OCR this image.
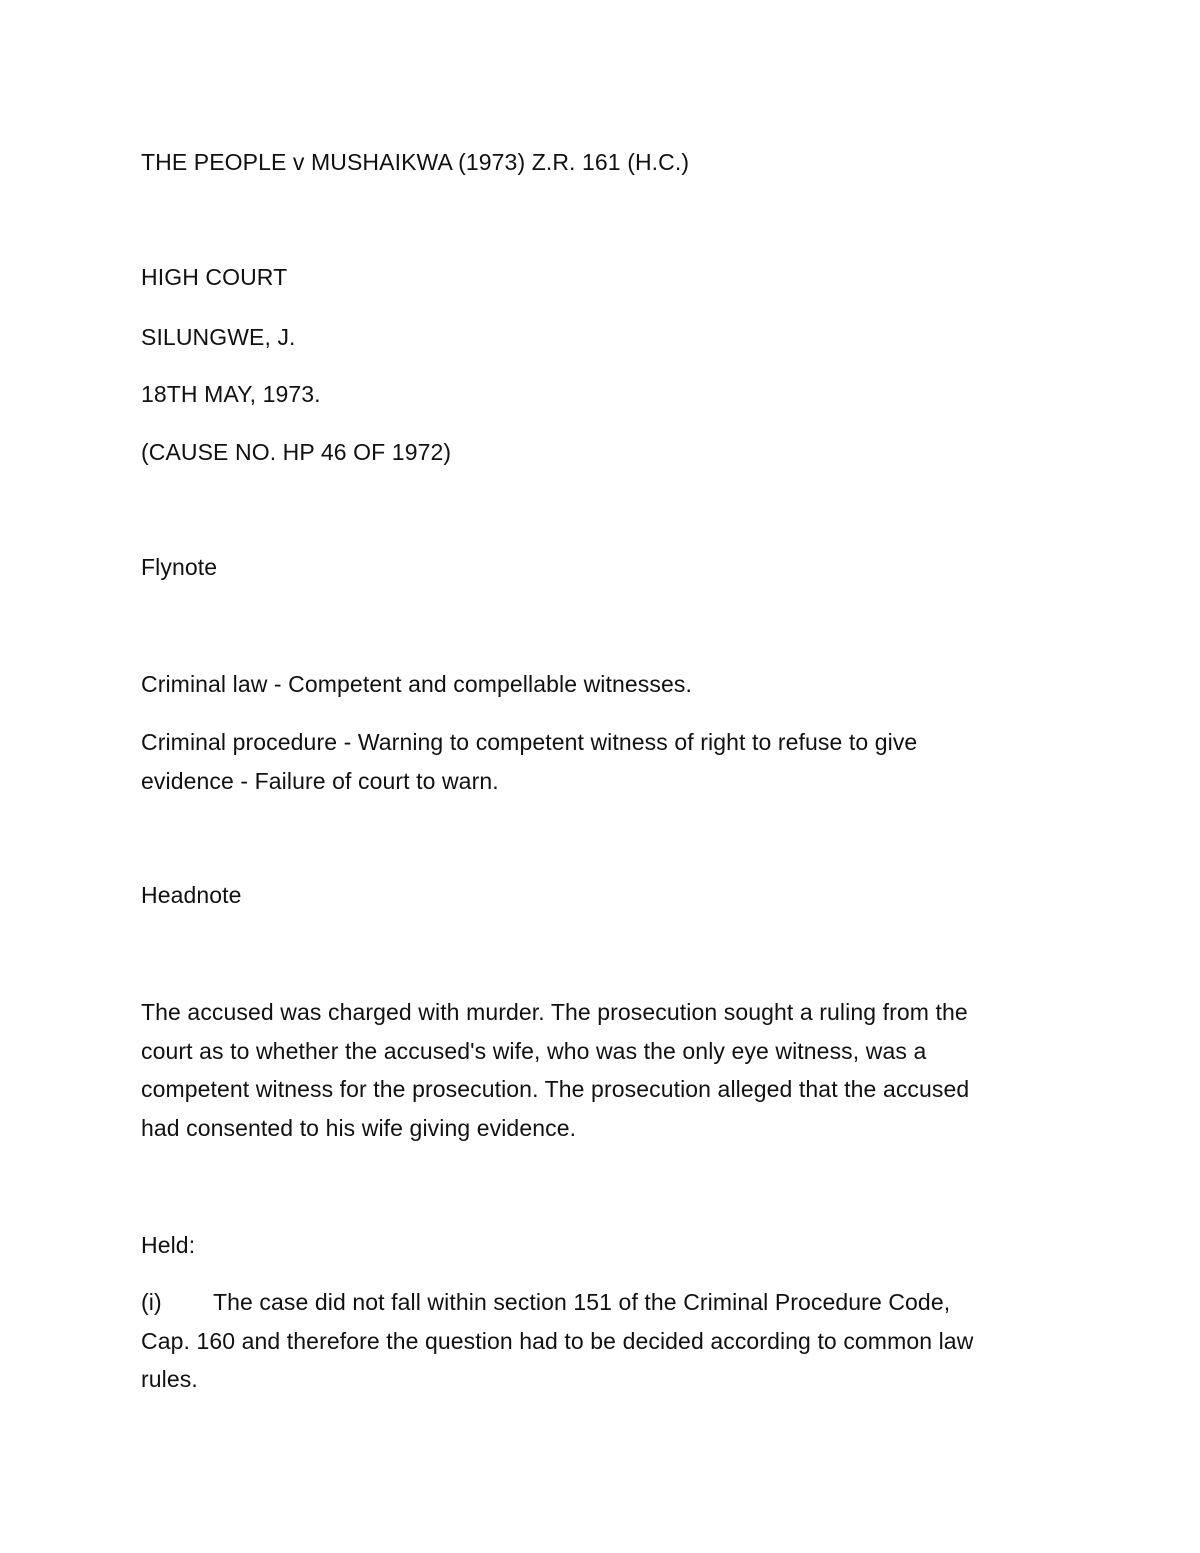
THE PEOPLE v MUSHAIKWA (1973) Z.R. 161 (H.C.)
HIGH COURT
SILUNGWE, J.
18TH MAY, 1973.
(CAUSE NO. HP 46 OF 1972)
Flynote
Criminal law - Competent and compellable witnesses.
Criminal procedure - Warning to competent witness of right to refuse to give
evidence - Failure of court to warn.
Headnote
The accused was charged with murder. The prosecution sought a ruling from the
court as to whether the accused's wife, who was the only eye witness, was a
competent witness for the prosecution. The prosecution alleged that the accused
had consented to his wife giving evidence.
Held:
(i) The case did not fall within section 151 of the Criminal Procedure Code,
Cap. 160 and therefore the question had to be decided according to common law
rules.
